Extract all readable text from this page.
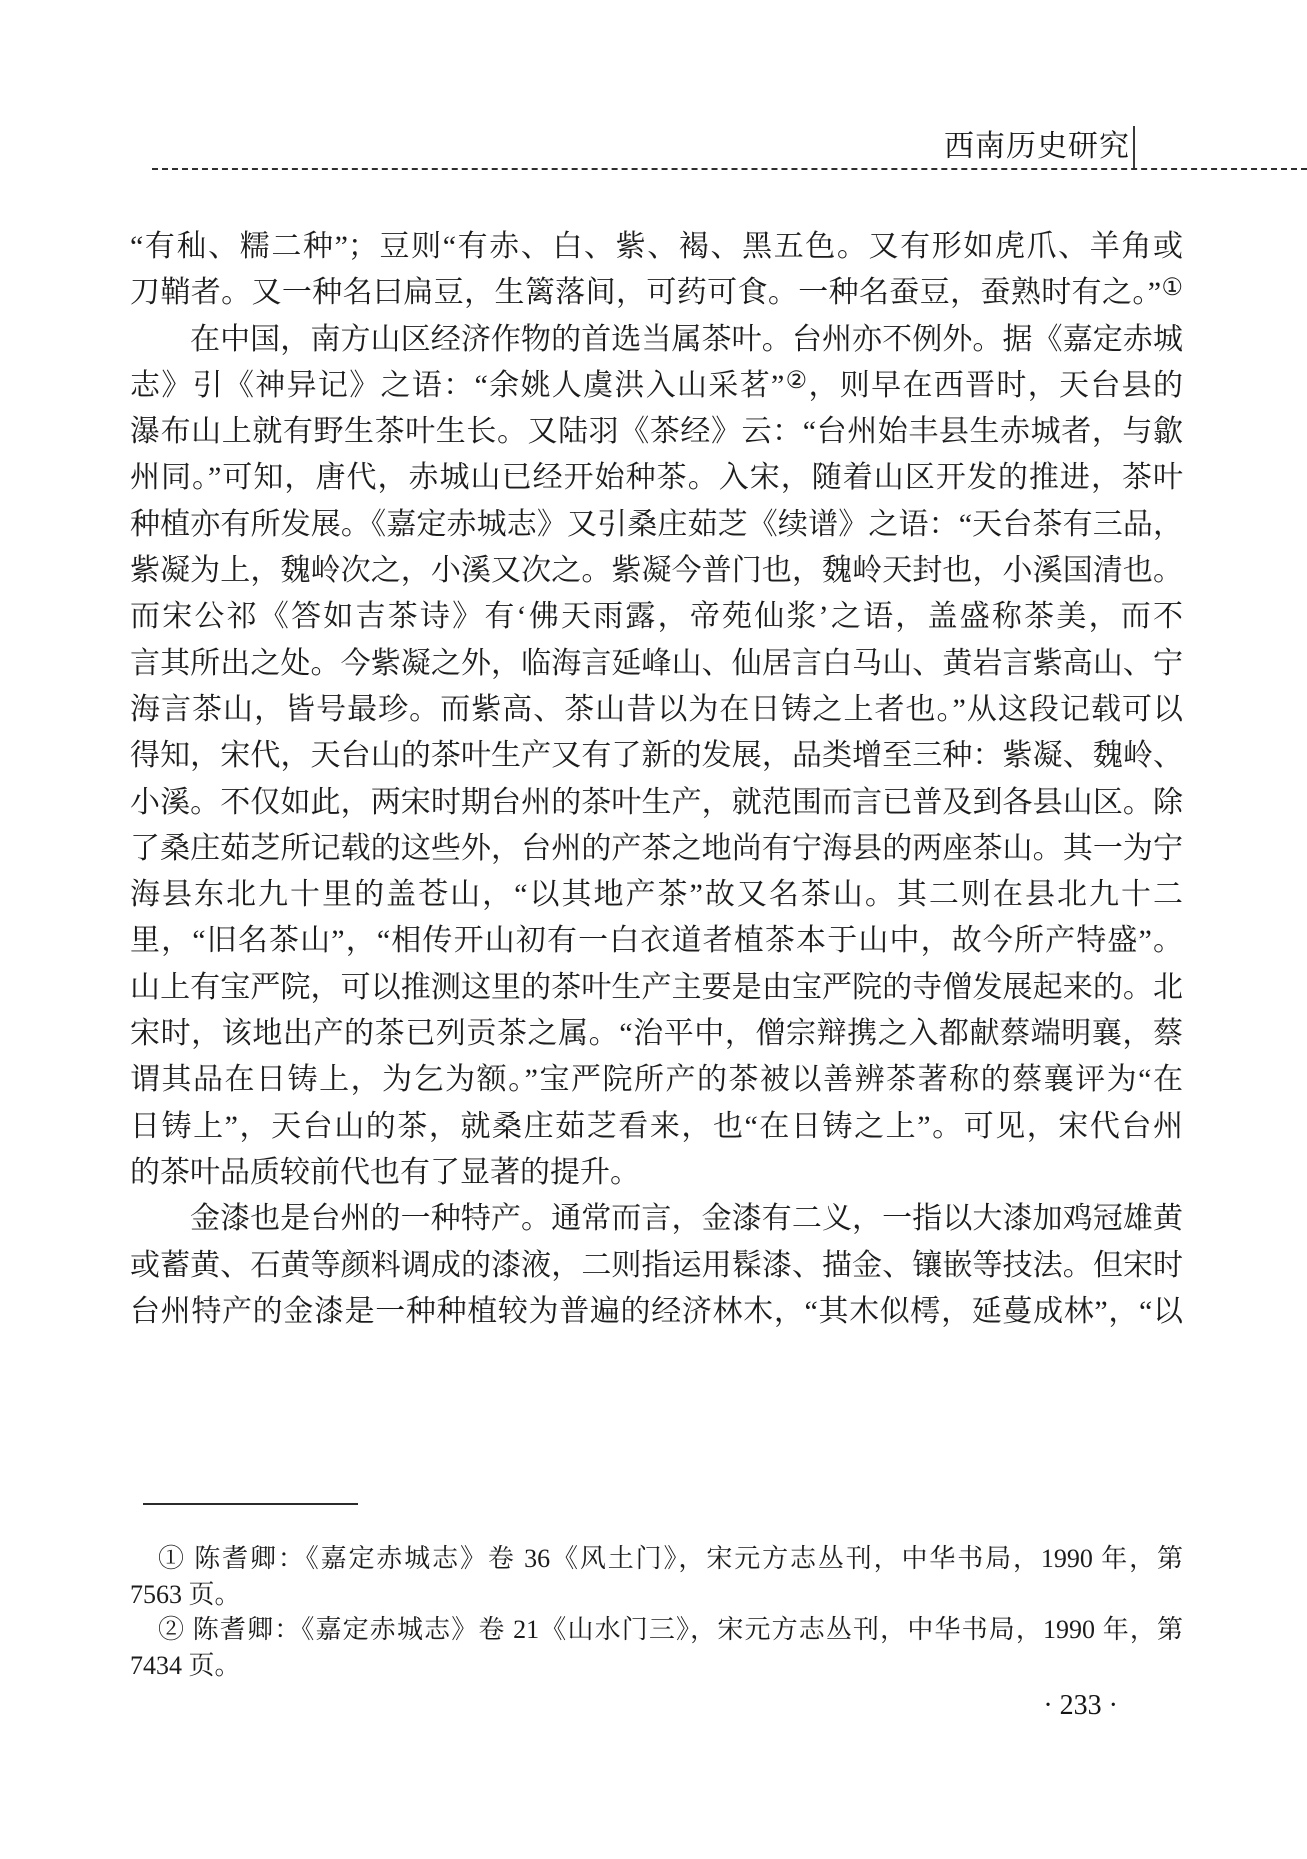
西南历史研究
“有秈、糯二种”；豆则“有赤、白、紫、褐、黑五色。又有形如虎爪、羊角或
刀鞘者。又一种名曰扁豆，生篱落间，可药可食。一种名蚕豆，蚕熟时有之。”①
在中国，南方山区经济作物的首选当属茶叶。台州亦不例外。据《嘉定赤城
志》引《神异记》之语：“余姚人虞洪入山采茗”②，则早在西晋时，天台县的
瀑布山上就有野生茶叶生长。又陆羽《茶经》云：“台州始丰县生赤城者，与歙
州同。”可知，唐代，赤城山已经开始种茶。入宋，随着山区开发的推进，茶叶
种植亦有所发展。《嘉定赤城志》又引桑庄茹芝《续谱》之语：“天台茶有三品，
紫凝为上，魏岭次之，小溪又次之。紫凝今普门也，魏岭天封也，小溪国清也。
而宋公祁《答如吉茶诗》有‘佛天雨露，帝苑仙浆’之语，盖盛称茶美，而不
言其所出之处。今紫凝之外，临海言延峰山、仙居言白马山、黄岩言紫高山、宁
海言茶山，皆号最珍。而紫高、茶山昔以为在日铸之上者也。”从这段记载可以
得知，宋代，天台山的茶叶生产又有了新的发展，品类增至三种：紫凝、魏岭、
小溪。不仅如此，两宋时期台州的茶叶生产，就范围而言已普及到各县山区。除
了桑庄茹芝所记载的这些外，台州的产茶之地尚有宁海县的两座茶山。其一为宁
海县东北九十里的盖苍山，“以其地产茶”故又名茶山。其二则在县北九十二
里，“旧名茶山”，“相传开山初有一白衣道者植茶本于山中，故今所产特盛”。
山上有宝严院，可以推测这里的茶叶生产主要是由宝严院的寺僧发展起来的。北
宋时，该地出产的茶已列贡茶之属。“治平中，僧宗辩携之入都献蔡端明襄，蔡
谓其品在日铸上，为乞为额。”宝严院所产的茶被以善辨茶著称的蔡襄评为“在
日铸上”，天台山的茶，就桑庄茹芝看来，也“在日铸之上”。可见，宋代台州
的茶叶品质较前代也有了显著的提升。
金漆也是台州的一种特产。通常而言，金漆有二义，一指以大漆加鸡冠雄黄
或蓄黄、石黄等颜料调成的漆液，二则指运用髹漆、描金、镶嵌等技法。但宋时
台州特产的金漆是一种种植较为普遍的经济林木，“其木似樗，延蔓成林”，“以
① 陈耆卿：《嘉定赤城志》卷 36《风土门》，宋元方志丛刊，中华书局，1990 年，第
7563 页。
② 陈耆卿：《嘉定赤城志》卷 21《山水门三》，宋元方志丛刊，中华书局，1990 年，第
7434 页。
· 233 ·
